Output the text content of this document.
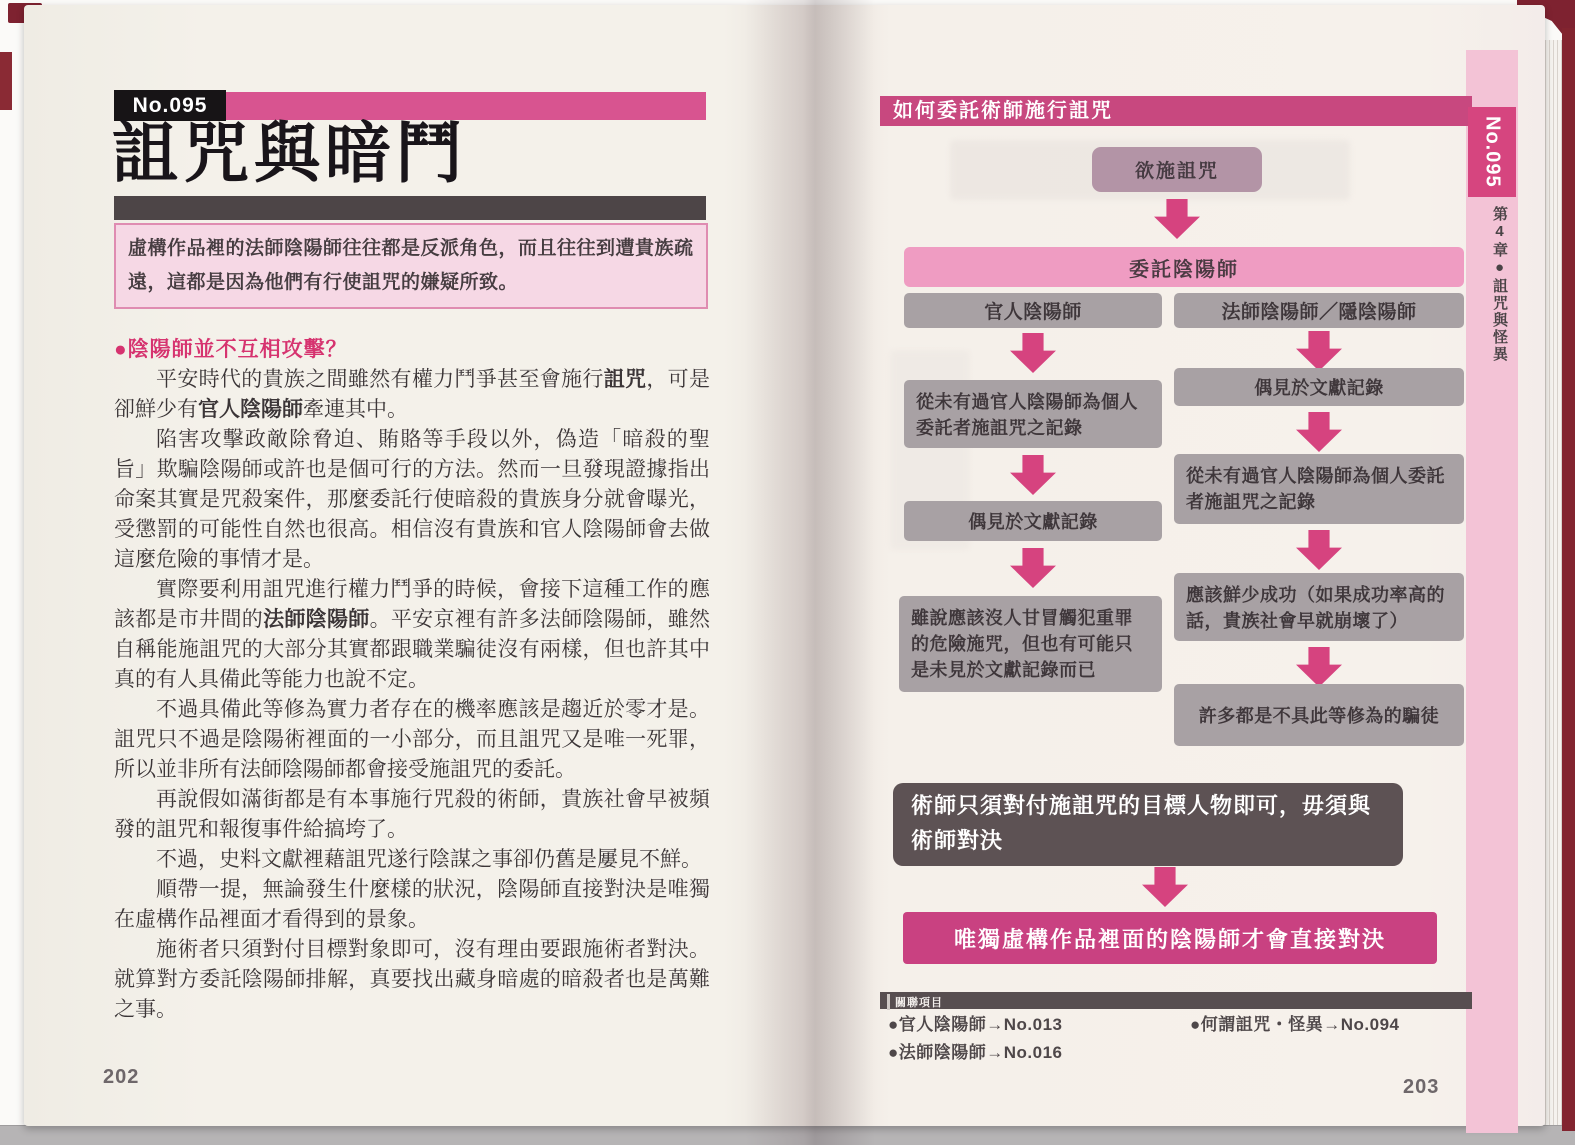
No.095
詛咒與暗鬥
虛構作品裡的法師陰陽師往往都是反派角色，而且往往到遭貴族疏遠，這都是因為他們有行使詛咒的嫌疑所致。
●陰陽師並不互相攻擊？

平安時代的貴族之間雖然有權力鬥爭甚至會施行詛咒，可是卻鮮少有官人陰陽師牽連其中。

陷害攻擊政敵除脅迫、賄賂等手段以外，偽造「暗殺的聖旨」欺騙陰陽師或許也是個可行的方法。然而一旦發現證據指出命案其實是咒殺案件，那麼委託行使暗殺的貴族身分就會曝光，受懲罰的可能性自然也很高。相信沒有貴族和官人陰陽師會去做這麼危險的事情才是。

實際要利用詛咒進行權力鬥爭的時候，會接下這種工作的應該都是市井間的法師陰陽師。平安京裡有許多法師陰陽師，雖然自稱能施詛咒的大部分其實都跟職業騙徒沒有兩樣，但也許其中真的有人具備此等能力也說不定。

不過具備此等修為實力者存在的機率應該是趨近於零才是。詛咒只不過是陰陽術裡面的一小部分，而且詛咒又是唯一死罪，所以並非所有法師陰陽師都會接受施詛咒的委託。

再說假如滿街都是有本事施行咒殺的術師，貴族社會早被頻發的詛咒和報復事件給搞垮了。

不過，史料文獻裡藉詛咒遂行陰謀之事卻仍舊是屢見不鮮。

順帶一提，無論發生什麼樣的狀況，陰陽師直接對決是唯獨在虛構作品裡面才看得到的景象。

施術者只須對付目標對象即可，沒有理由要跟施術者對決。就算對方委託陰陽師排解，真要找出藏身暗處的暗殺者也是萬難之事。

202
如何委託術師施行詛咒
欲施詛咒
委託陰陽師
官人陰陽師	法師陰陽師／隱陰陽師
從未有過官人陰陽師為個人委託者施詛咒之記錄
偶見於文獻記錄
雖說應該沒人甘冒觸犯重罪的危險施咒，但也有可能只是未見於文獻記錄而已
偶見於文獻記錄
從未有過官人陰陽師為個人委託者施詛咒之記錄
應該鮮少成功（如果成功率高的話，貴族社會早就崩壞了）
許多都是不具此等修為的騙徒
術師只須對付施詛咒的目標人物即可，毋須與術師對決
唯獨虛構作品裡面的陰陽師才會直接對決
關聯項目
●官人陰陽師→No.013
●法師陰陽師→No.016
●何謂詛咒・怪異→No.094
203
No.095
第4章●詛咒與怪異
